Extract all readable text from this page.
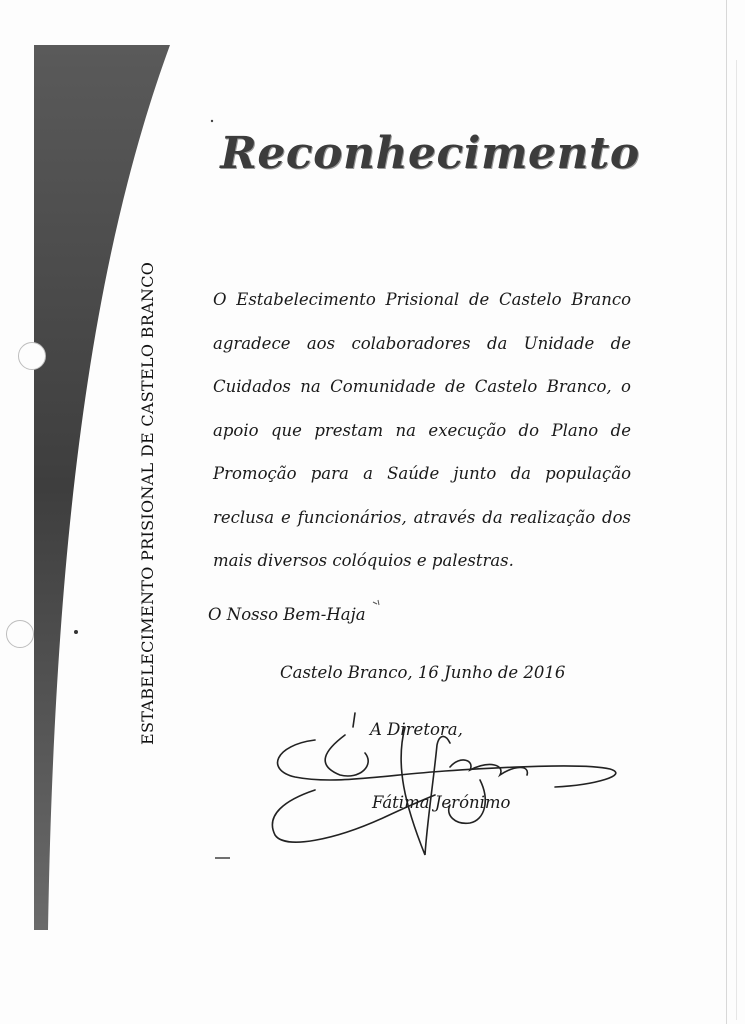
ESTABELECIMENTO PRISIONAL DE CASTELO BRANCO
Reconhecimento
O Estabelecimento Prisional de Castelo Branco agradece aos colaboradores da Unidade de Cuidados na Comunidade de Castelo Branco, o apoio que prestam na execução do Plano de Promoção para a Saúde junto da população reclusa e funcionários, através da realização dos mais diversos colóquios e palestras.
O Nosso Bem-Haja
Castelo Branco, 16 Junho de 2016
A Diretora,
Fátima Jerónimo
